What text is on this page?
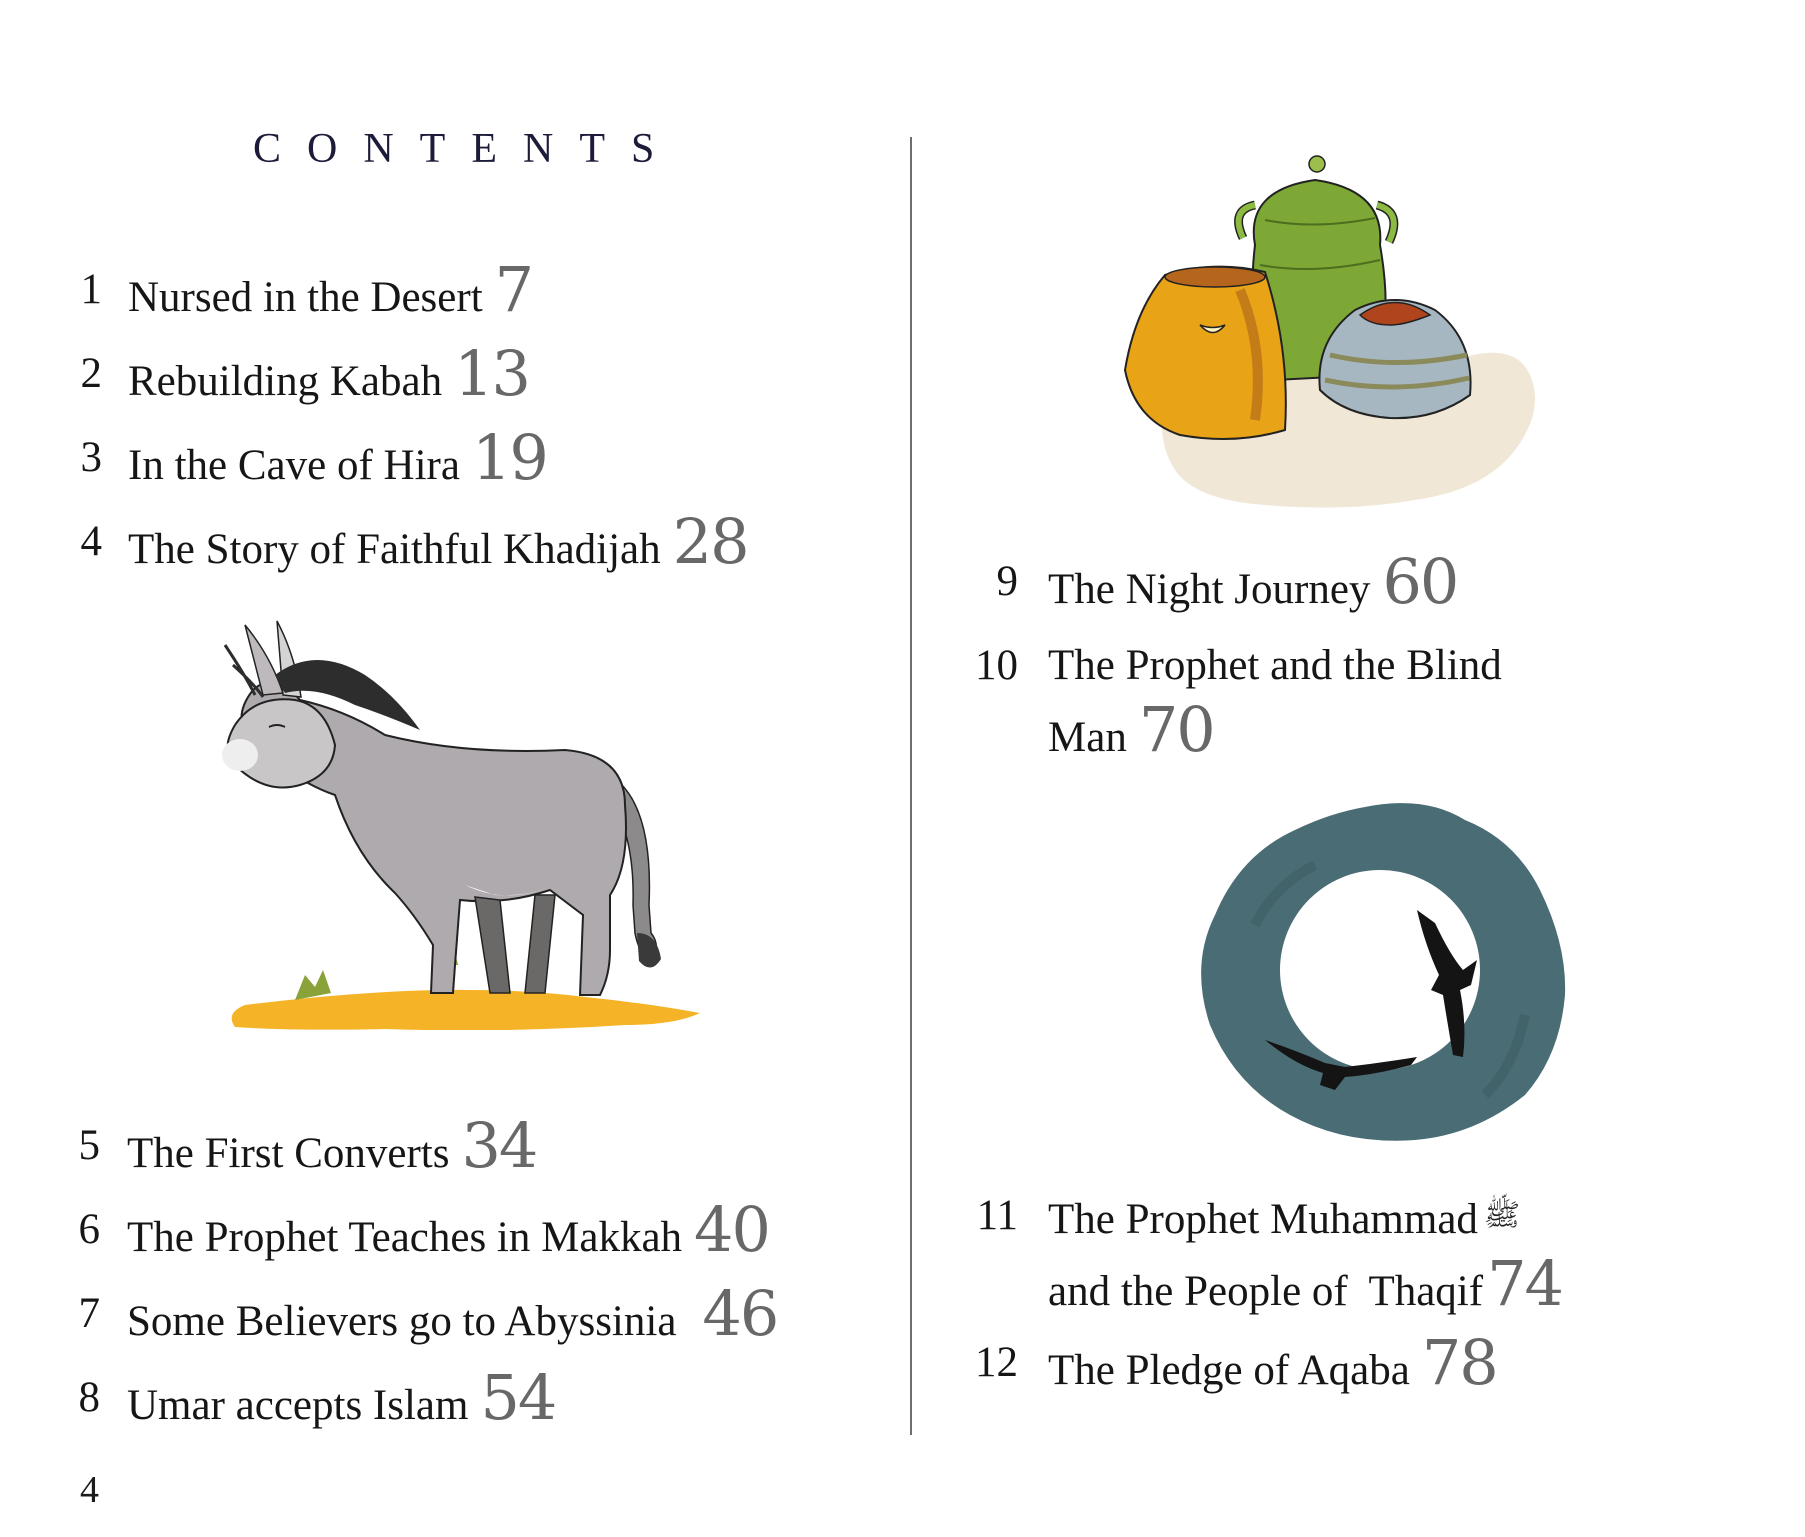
CONTENTS
1 Nursed in the Desert 7
2 Rebuilding Kabah 13
3 In the Cave of Hira 19
4 The Story of Faithful Khadijah 28
5 The First Converts 34
6 The Prophet Teaches in Makkah 40
7 Some Believers go to Abyssinia 46
8 Umar accepts Islam 54
4
9 The Night Journey 60
10 The Prophet and the Blind
Man 70
11 The Prophet Muhammad ﷺ
and the People of  Thaqif74
12 The Pledge of Aqaba 78
